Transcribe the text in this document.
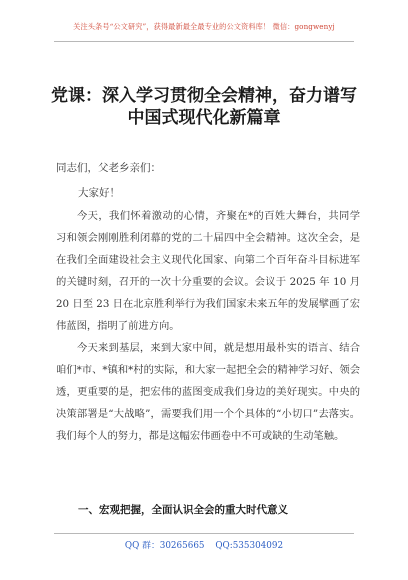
关注头条号“公文研究”，获得最新最全最专业的公文资料库！ 微信：gongwenyj
党课：深入学习贯彻全会精神，奋力谱写
中国式现代化新篇章
同志们，父老乡亲们：
大家好！

今天，我们怀着激动的心情，齐聚在*的百姓大舞台，共同学习和领会刚刚胜利闭幕的党的二十届四中全会精神。这次全会，是在我们全面建设社会主义现代化国家、向第二个百年奋斗目标进军的关键时刻，召开的一次十分重要的会议。会议于 2025 年 10 月 20 日至 23 日在北京胜利举行为我们国家未来五年的发展擘画了宏伟蓝图，指明了前进方向。

今天来到基层，来到大家中间，就是想用最朴实的语言、结合咱们*市、*镇和*村的实际，和大家一起把全会的精神学习好、领会透，更重要的是，把宏伟的蓝图变成我们身边的美好现实。中央的决策部署是“大战略”，需要我们用一个个具体的“小切口”去落实。我们每个人的努力，都是这幅宏伟画卷中不可或缺的生动笔触。

一、宏观把握，全面认识全会的重大时代意义
QQ 群：30265665 QQ:535304092
